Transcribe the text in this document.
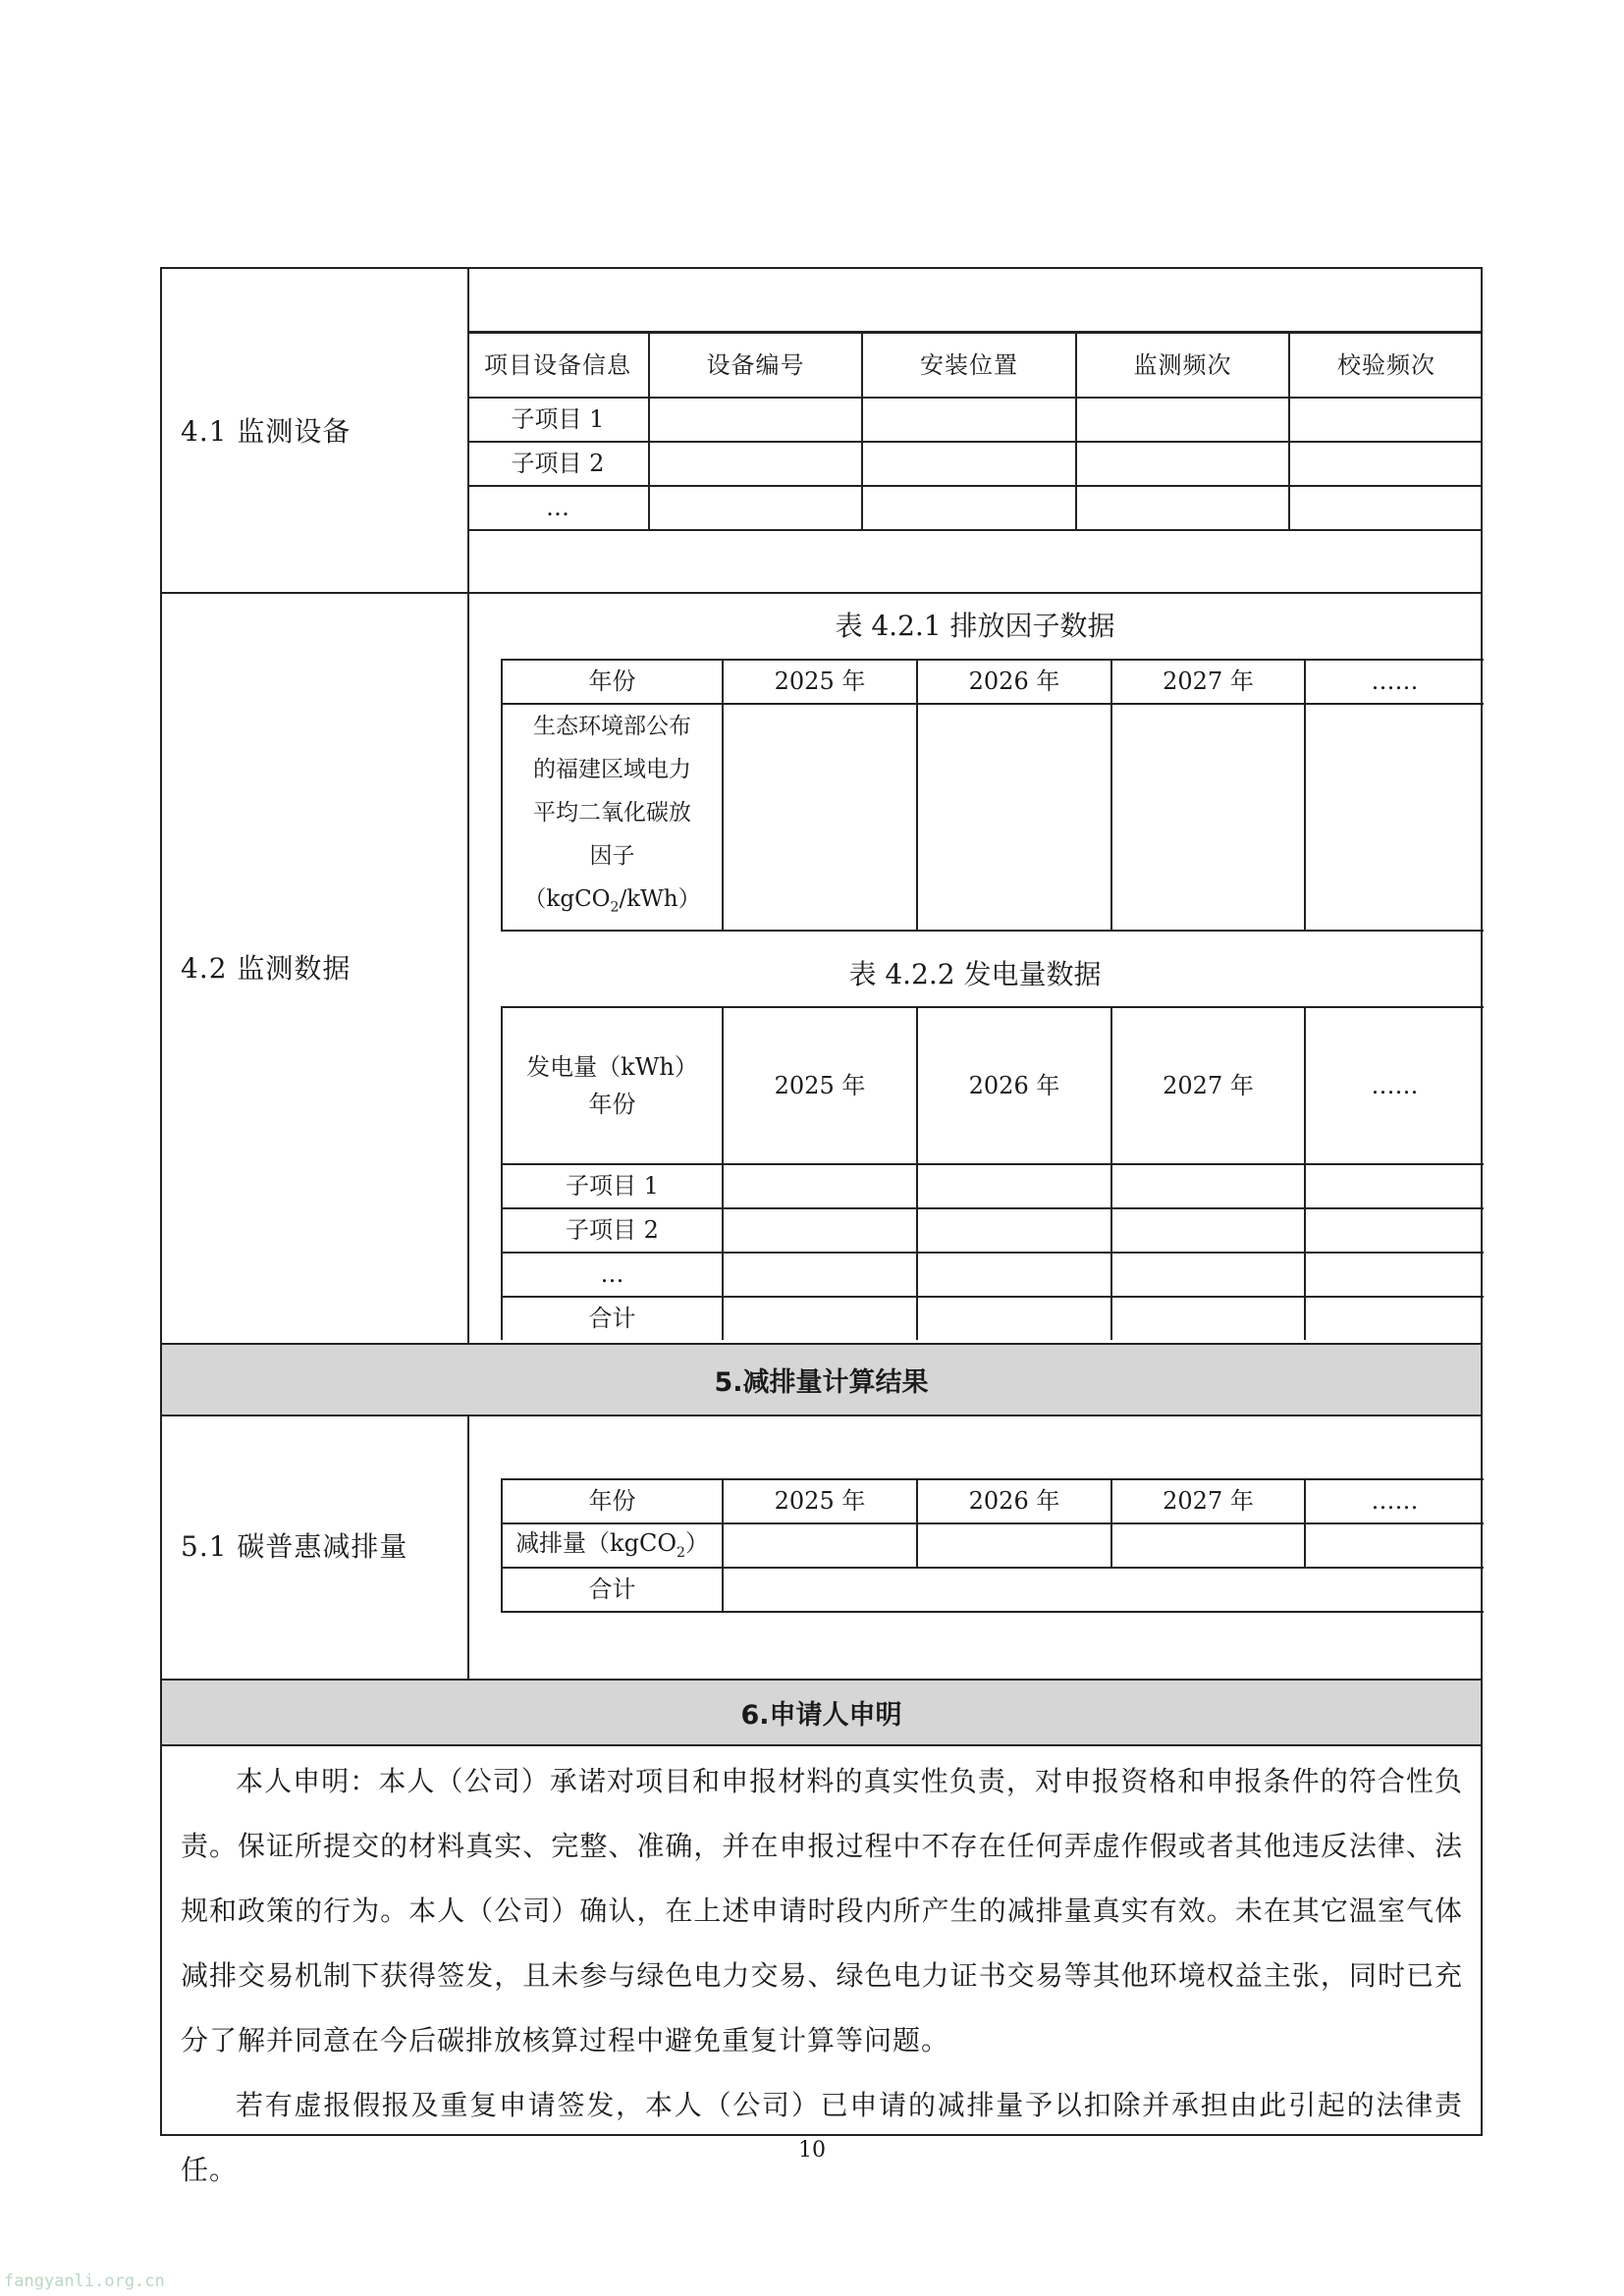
4.1 监测设备
项目设备信息	设备编号	安装位置	监测频次	校验频次
子项目 1				
子项目 2				
…				
4.2 监测数据
表 4.2.1 排放因子数据
年份	2025 年	2026 年	2027 年	……

生态环境部公布
的福建区域电力
平均二氧化碳放
因子（kgCO$_2$/kWh）				

表 4.2.2 发电量数据
发电量（kWh）
年份	2025 年	2026 年	2027 年	……
子项目 1				
子项目 2				
…				
合计				
5.减排量计算结果
5.1 碳普惠减排量
年份	2025 年	2026 年	2027 年	……
减排量（kgCO$_2$）				
合计				
6.申请人申明

本人申明：本人（公司）承诺对项目和申报材料的真实性负责，对申报资格和申报条件的符合性负责。保证所提交的材料真实、完整、准确，并在申报过程中不存在任何弄虚作假或者其他违反法律、法规和政策的行为。本人（公司）确认，在上述申请时段内所产生的减排量真实有效。未在其它温室气体减排交易机制下获得签发，且未参与绿色电力交易、绿色电力证书交易等其他环境权益主张，同时已充分了解并同意在今后碳排放核算过程中避免重复计算等问题。

若有虚报假报及重复申请签发，本人（公司）已申请的减排量予以扣除并承担由此引起的法律责任。

10
fangyanli.org.cn
